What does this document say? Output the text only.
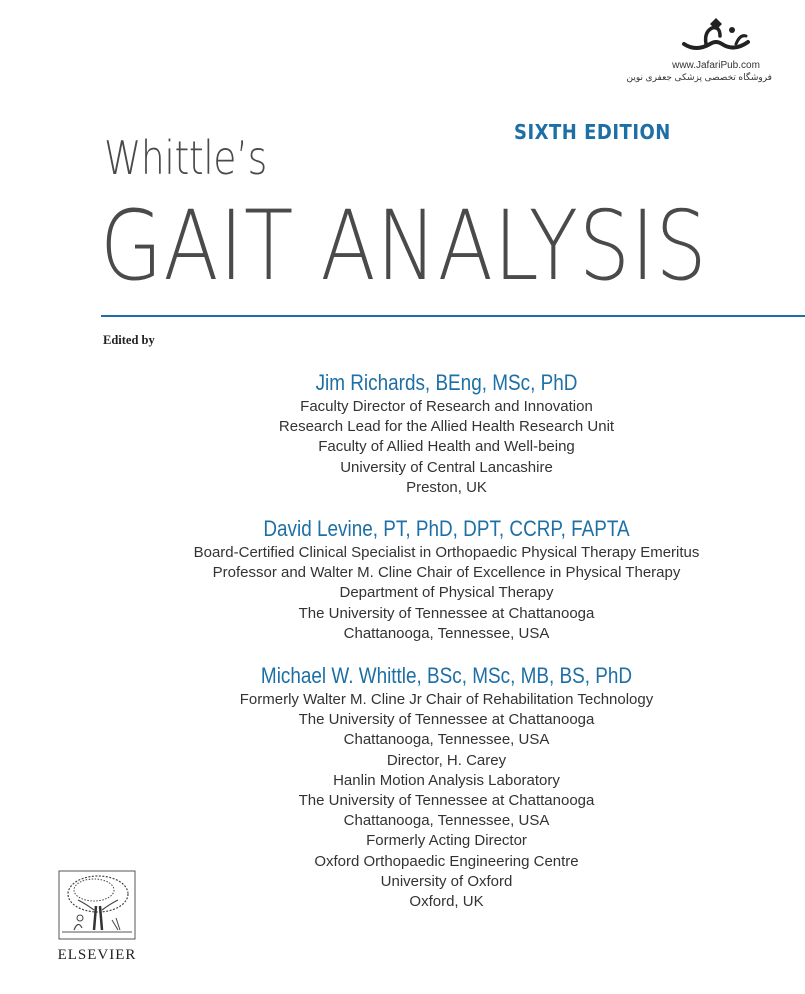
www.JafariPub.com
فروشگاه تخصصی پزشکی جعفری نوین
SIXTH EDITION
Whittle’s
GAIT ANALYSIS
Edited by
Jim Richards, BEng, MSc, PhD
Faculty Director of Research and Innovation
Research Lead for the Allied Health Research Unit
Faculty of Allied Health and Well-being
University of Central Lancashire
Preston, UK
David Levine, PT, PhD, DPT, CCRP, FAPTA
Board-Certified Clinical Specialist in Orthopaedic Physical Therapy Emeritus
Professor and Walter M. Cline Chair of Excellence in Physical Therapy
Department of Physical Therapy
The University of Tennessee at Chattanooga
Chattanooga, Tennessee, USA
Michael W. Whittle, BSc, MSc, MB, BS, PhD
Formerly Walter M. Cline Jr Chair of Rehabilitation Technology
The University of Tennessee at Chattanooga
Chattanooga, Tennessee, USA
Director, H. Carey
Hanlin Motion Analysis Laboratory
The University of Tennessee at Chattanooga
Chattanooga, Tennessee, USA
Formerly Acting Director
Oxford Orthopaedic Engineering Centre
University of Oxford
Oxford, UK
ELSEVIER
